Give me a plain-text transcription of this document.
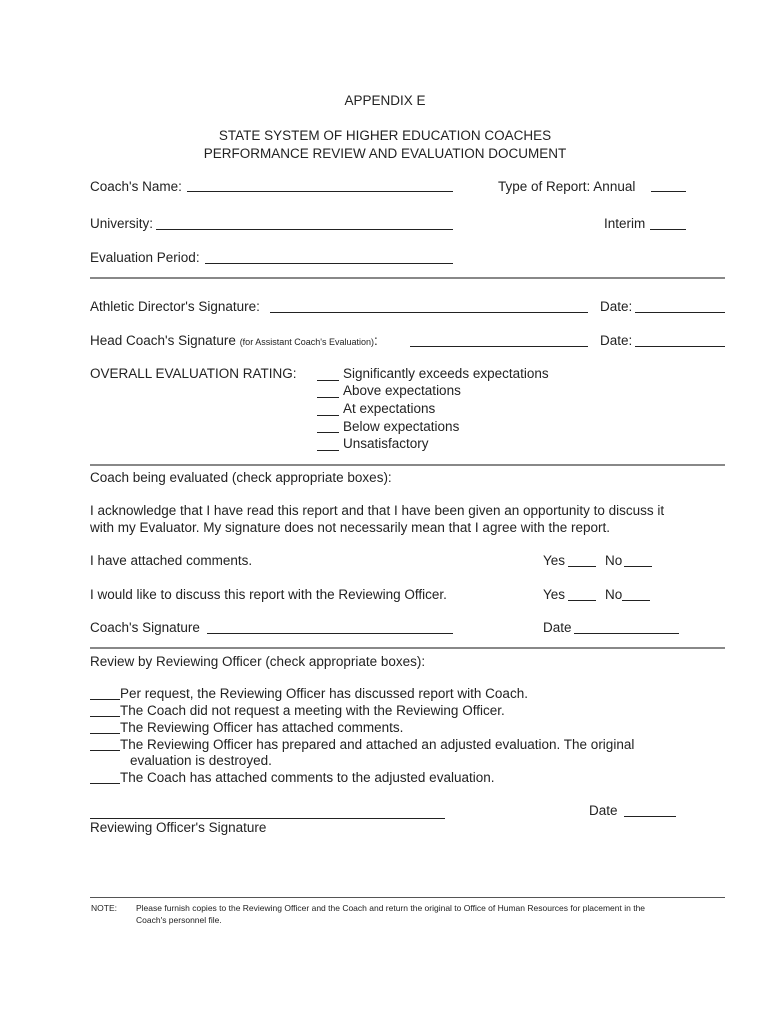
APPENDIX E
STATE SYSTEM OF HIGHER EDUCATION COACHES
PERFORMANCE REVIEW AND EVALUATION DOCUMENT
Coach's Name:	Type of Report: Annual
University:	Interim
Evaluation Period:
Athletic Director's Signature:	Date:
Head Coach's Signature (for Assistant Coach's Evaluation):	Date:
OVERALL EVALUATION RATING:	Significantly exceeds expectations
Above expectations
At expectations
Below expectations
Unsatisfactory
Coach being evaluated (check appropriate boxes):
I acknowledge that I have read this report and that I have been given an opportunity to discuss it
with my Evaluator. My signature does not necessarily mean that I agree with the report.
I have attached comments.	Yes	No
I would like to discuss this report with the Reviewing Officer.	Yes	No
Coach's Signature	Date
Review by Reviewing Officer (check appropriate boxes):
Per request, the Reviewing Officer has discussed report with Coach.
The Coach did not request a meeting with the Reviewing Officer.
The Reviewing Officer has attached comments.
The Reviewing Officer has prepared and attached an adjusted evaluation. The original
evaluation is destroyed.
The Coach has attached comments to the adjusted evaluation.
Date
Reviewing Officer's Signature
NOTE: Please furnish copies to the Reviewing Officer and the Coach and return the original to Office of Human Resources for placement in the
Coach's personnel file.
